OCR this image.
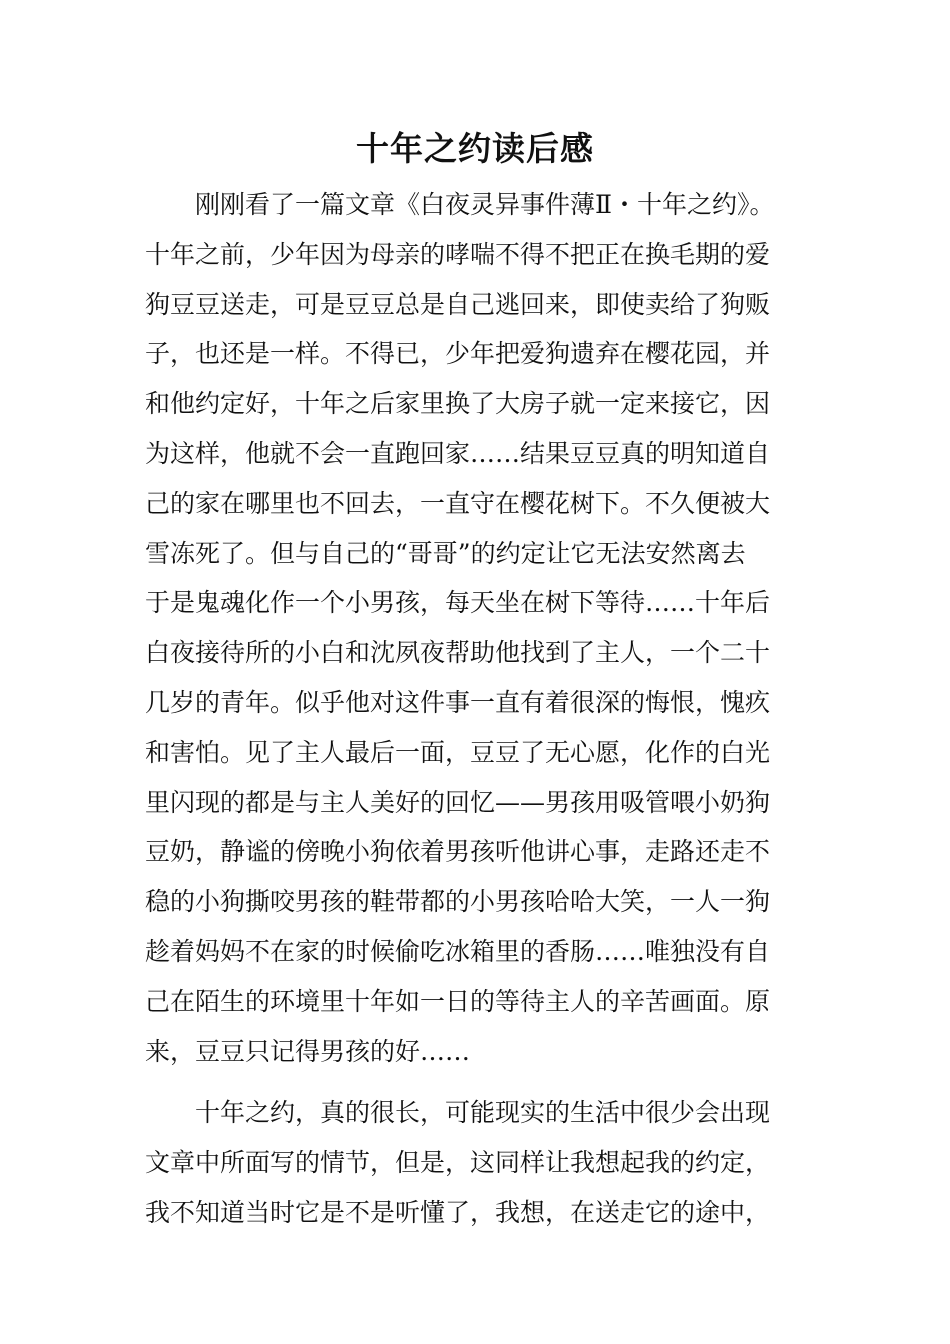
十年之约读后感
　　刚刚看了一篇文章《白夜灵异事件薄Ⅱ・十年之约》。
十年之前，少年因为母亲的哮喘不得不把正在换毛期的爱
狗豆豆送走，可是豆豆总是自己逃回来，即使卖给了狗贩
子，也还是一样。不得已，少年把爱狗遗弃在樱花园，并
和他约定好，十年之后家里换了大房子就一定来接它，因
为这样，他就不会一直跑回家……结果豆豆真的明知道自
己的家在哪里也不回去，一直守在樱花树下。不久便被大
雪冻死了。但与自己的“哥哥”的约定让它无法安然离去
于是鬼魂化作一个小男孩，每天坐在树下等待……十年后
白夜接待所的小白和沈夙夜帮助他找到了主人，一个二十
几岁的青年。似乎他对这件事一直有着很深的悔恨，愧疚
和害怕。见了主人最后一面，豆豆了无心愿，化作的白光
里闪现的都是与主人美好的回忆——男孩用吸管喂小奶狗
豆奶，静谧的傍晚小狗依着男孩听他讲心事，走路还走不
稳的小狗撕咬男孩的鞋带都的小男孩哈哈大笑，一人一狗
趁着妈妈不在家的时候偷吃冰箱里的香肠……唯独没有自
己在陌生的环境里十年如一日的等待主人的辛苦画面。原
来，豆豆只记得男孩的好……
　　十年之约，真的很长，可能现实的生活中很少会出现
文章中所面写的情节，但是，这同样让我想起我的约定，
我不知道当时它是不是听懂了，我想，在送走它的途中，
